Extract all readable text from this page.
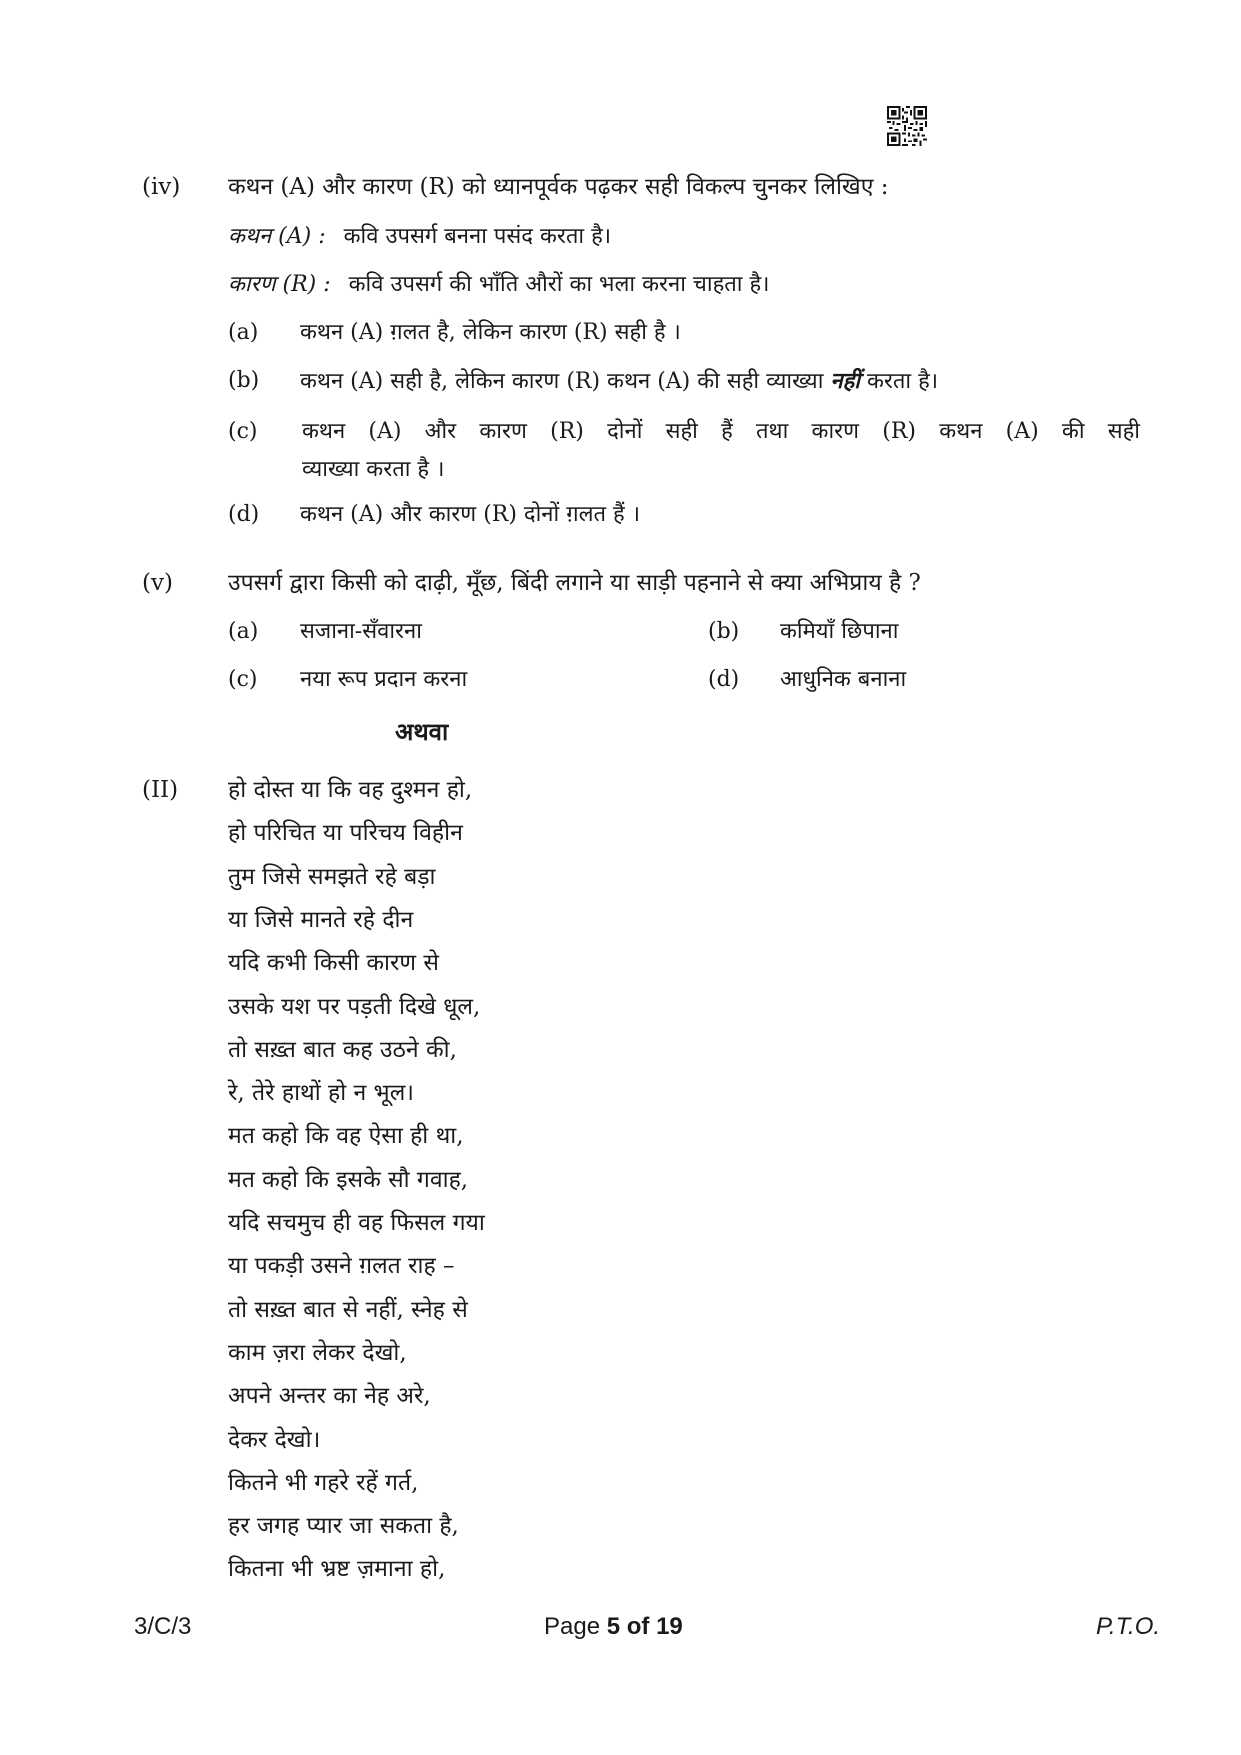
(iv) कथन (A) और कारण (R) को ध्यानपूर्वक पढ़कर सही विकल्प चुनकर लिखिए :
कथन (A) : कवि उपसर्ग बनना पसंद करता है।
कारण (R) : कवि उपसर्ग की भाँति औरों का भला करना चाहता है।
(a) कथन (A) ग़लत है, लेकिन कारण (R) सही है ।
(b) कथन (A) सही है, लेकिन कारण (R) कथन (A) की सही व्याख्या नहीं करता है।
(c) कथन (A) और कारण (R) दोनों सही हैं तथा कारण (R) कथन (A) की सही
व्याख्या करता है ।
(d) कथन (A) और कारण (R) दोनों ग़लत हैं ।
(v) उपसर्ग द्वारा किसी को दाढ़ी, मूँछ, बिंदी लगाने या साड़ी पहनाने से क्या अभिप्राय है ?
(a) सजाना-सँवारना	(b) कमियाँ छिपाना
(c) नया रूप प्रदान करना	(d) आधुनिक बनाना
अथवा
(II) हो दोस्त या कि वह दुश्मन हो,
हो परिचित या परिचय विहीन
तुम जिसे समझते रहे बड़ा
या जिसे मानते रहे दीन
यदि कभी किसी कारण से
उसके यश पर पड़ती दिखे धूल,
तो सख़्त बात कह उठने की,
रे, तेरे हाथों हो न भूल।
मत कहो कि वह ऐसा ही था,
मत कहो कि इसके सौ गवाह,
यदि सचमुच ही वह फिसल गया
या पकड़ी उसने ग़लत राह –
तो सख़्त बात से नहीं, स्नेह से
काम ज़रा लेकर देखो,
अपने अन्तर का नेह अरे,
देकर देखो।
कितने भी गहरे रहें गर्त,
हर जगह प्यार जा सकता है,
कितना भी भ्रष्ट ज़माना हो,
3/C/3	Page 5 of 19	P.T.O.
